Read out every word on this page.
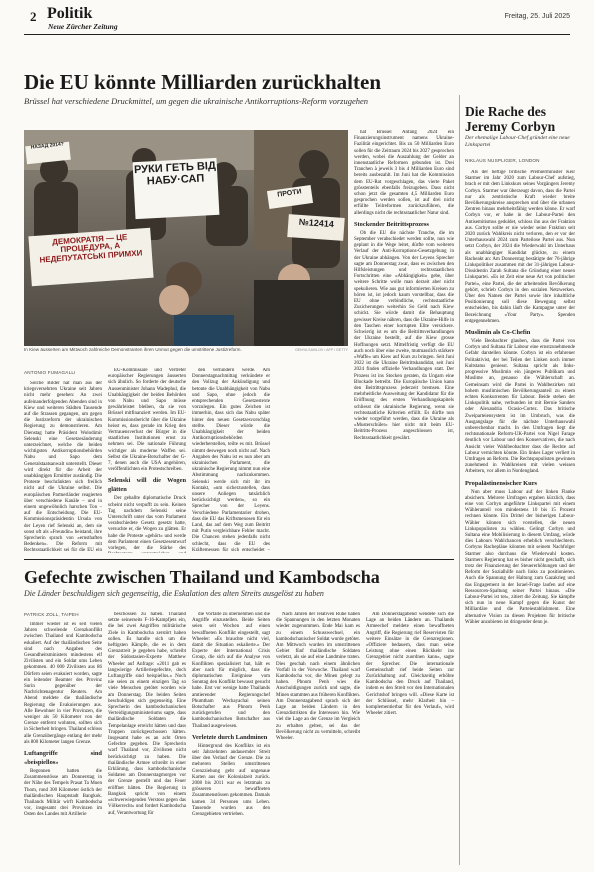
2 Politik
Neue Zürcher Zeitung
Freitag, 25. Juli 2025
Die EU könnte Milliarden zurückhalten
Brüssel hat verschiedene Druckmittel, um gegen die ukrainische Antikorruptions-Reform vorzugehen
НАЗАД 2014?
РУКИ ГЕТЬ ВІД НАБУ·САП
ДЕМОКРАТІЯ — ЦЕ ПРОЦЕДУРА, А НЕДЕПУТАТСЬКІ ПРИМХИ
ПРОТИ
№12414
In Kiew äusserten am Mittwoch zahlreiche Demonstranten ihren Unmut gegen die umstrittene Justizreform.	GENYA SAVILOV / AFP / GETTY
ANTONIO FUMAGALLI

Solche Bilder hat man aus der kriegsversehrten Ukraine seit Jahren nicht mehr gesehen: An zwei aufeinanderfolgenden Abenden sind in Kiew und weiteren Städten Tausende auf die Strassen gegangen, um gegen die Justizreform der ukrainischen Regierung zu demonstrieren. Am Dienstag hatte Präsident Wolodimir Selenski eine Gesetzesänderung unterzeichnet, welche die beiden wichtigsten Antikorruptionsbehörden Nabu und Sapo dem Generalstaatsanwalt unterstellt. Dieser wird direkt für die Arbeit der unabhängigen Ermittler zuständig. Die Proteste beschränkten sich freilich nicht auf die Ukraine selbst. Die europäischen Partnerländer reagierten über verschiedene Kanäle – und in einem ungewöhnlich harschen Ton – auf die Entscheidung. Die EU-Kommissionspräsidentin Ursula von der Leyen rief Selenski an, dem sie sonst oft als «Freundin» beistand, ihre Sprecherin sprach von «ernsthaften Bedenken». Die Reform mit Rechtsstaatlichkeit sei für die EU ein

EU-Kommissare und Vertreter europäischer Regierungen äusserten sich ähnlich. So forderte der deutsche Aussenminister Johann Wadephul, die Unabhängigkeit der beiden Behörden von Nabu und Sapo müsse gewährleistet bleiben, da sie von Brüssel mitfinanziert werden. Im EU-Kommissionsbericht über die Ukraine heisst es, dass gerade im Krieg den Vertrauensverlust der Bürger in die staatlichen Institutionen ernst zu nehmen sei. Die nationale Führung wichtiger als moderne Waffen sei. Selbst die Ukraine-Botschafter der G-7, denen auch die USA angehören, veröffentlichten ein Protestschreiben.

Selenski will die Wogen glätten

Der geballte diplomatische Druck scheint nicht verpufft zu sein. Keinen Tag nachdem Selenski seine Unterschrift unter das vom Parlament verabschiedete Gesetz gesetzt hatte, versuchte er, die Wogen zu glätten. Er habe die Proteste «gehört» und werde dem Parlament einen Gesetzesentwurf vorlegen, der die Stärke des

den verhindern werde. Am Donnerstagnachmittag verkündete er den Vollzug der Ankündigung und betonte die Unabhängigkeit von Nabu und Sapo, ohne jedoch die entsprechenden Gesetzestexte vorzulegen. Ein gutes Zeichen ist immerhin, dass sich das Nabu später hinter den neuen Gesetzesvorschlag stellte. Dieser würde die Unabhängigkeit der beiden Antikorruptionsbehörden wiederherstellen, teilte es mit. Brüssel nimmt deswegen noch nicht auf. Nach Angaben des Nabu ist es nun aber am ukrainischen Parlament, die ukrainische Regierung nimmt nun eine Abstimmung nachzukommen. Selenski werde sich mit ihr im Kontakt, «um sicherzustellen, dass unsere Anliegen tatsächlich berücksichtigt werden», so ein Sprecher von der Leyens. Verschiedene Parlamentarier drohen, dass die EU das Kriftsmenosen für ein Land, das auf dem Weg zum Beitritt mit Putin vergleichbare Fehler macht. Die Chancen stehen jedenfalls nicht schlecht, dass die EU des Kräftemessen für sich entscheidet –

hat Brüssel Anfang 2024 ein Finanzierungsinstrument namens Ukraine-Fazilität eingerichtet. Bis zu 50 Milliarden Euro sollen für die Zeitraum 2024 bis 2027 gesprochen werden, wobei die Auszahlung der Gelder an innenstaatliche Reformen gebunden ist. Drei Tranchen à jeweils 3 bis 4 Milliarden Euro sind bereits ausbezahlt. Im Juni hat die Kommission dem EU-Rat vorgeschlagen, das vierte Paket grösstenteils ebenfalls freizugeben. Dass nicht schon jetzt die gesamten 4,5 Milliarden Euro gesprochen werden sollen, ist auf drei nicht erfüllte Teilreformen zurückzuführen, die allerdings nicht die rechtsstaatlicher Natur sind.

Stockender Beitrittsprozess

Ob die EU die nächste Tranche, die im September verabschiedet werden sollte, nun wie geplant in die Wege leitet, dürfte vom weiteren Verlauf der Anti-Korruptions-Gesetzgebung in der Ukraine abhängen. Von der Leyens Sprecher sagte am Donnerstag zwar, dass es zwischen den Hilfsleistungen und rechtsstaatlichen Fortschritten eine «Abhängigkeit» gebe, über weitere Schritte wolle man derzeit aber nicht spekulieren. Wie aus gut informierten Kreisen zu hören ist, ist jedoch kaum vorstellbar, dass die EU ohne verbindliche, rechtsstaatliche Zusicherungen weiterhin So Geld nach Kiew schickt. Sie würde damit die Behauptung gewisser Kreise nähren, dass die Ukraine-Hilfe in den Taschen einer korrupten Elite versickere. Schwierig ist es um die Beitrittsverhandlungen der Ukraine bestellt, auf die Kiew grosse Hoffnungen setzt. Mittelfristig verfügt die EU auch noch über eine zweite, mutmasslich stärkere «Waffe» um Kiew auf Kurs zu bringen. Seit Juni 2022 ist die Ukraine Beitrittskandidat, seit Juni 2024 finden offizielle Verhandlungen statt. Der Prozess ist ins Stocken geraten, da Ungarn eine Blockade betreibt. Die Europäische Union kann den Beitrittsprozess jederzeit bremsen. Eine mehrheitliche Ausweitung der Kandidatur für die Eröffnung des ersten Verhandlungskapitels schliesst die ukrainische Regierung, wenn sie rechtsstaatliche Kriterien erfüllt. Es dürfte nun wieder vorgeführt werden, dass die Ukraine als «Musterschüler» hier nicht mit beim EU-Beitritts-Prozess angeschlossen ist, Rechtsstaatlichkeit gewährt.

Die Rache des Jeremy Corbyn
Der ehemalige Labour-Chef gründet eine neue Linkspartei
NIKLAUS NUSPLIGER, LONDON

Als der heftige britische Premierminister Keir Starmer im Jahr 2020 zum Labour-Chef aufstieg, brach er mit dem Linkskurs seines Vorgängers Jeremy Corbyn. Starmer war überzeugt davon, dass die Partei nur als zentristische Kraft wieder breite Bevölkerungskreise ansprechen und über die urbanen Zentren hinaus mehrheitsfähig werden könne. Er warf Corbyn vor, er habe in der Labour-Partei den Antisemitismus geduldet, schloss ihn aus der Fraktion aus. Corbyn sollte er nie wieder seine Fraktion seit 2020 zurück Wahlkreis nicht verloren, den er vor der Unterhauswahl 2024 zum Parteilose Partei aus. Nun setzt Corbyn, der 2024 die Wiederwahl im Unterhaus als unabhängiger Kandidat glückte, zu einem Racheakt an: Am Donnerstag bestätigte der 76-jährige Linkspolitiker zusammen mit der 31-jährigen Labour-Dissidentin Zarah Sultana die Gründung einer neuen Linkspartei. «Es ist Zeit eine neue Art von politischer Partei», eine Partei, die der arbeitenden Bevölkerung gehört, schrieb Corbyn in den sozialen Netzwerken. Über den Namen der Partei sowie ihre inhaltliche Positionierung soll diese Bewegung selbst entscheiden, bis dahin läuft die Kampagne unter der Bezeichnung «Your Party». Spenden entgegennehmen.

Muslimin als Co-Chefin

Viele Beobachter glauben, dass die Partei von Corbyn und Sultana für Labour eine ernstzunehmende Gefahr darstellen könnte. Corbyn ist ein erfahrener Politaktivist, der bei Teilen der Linken noch immer Kultstatus geniesst. Sultana spricht als links-progressive Muslimin ein jüngeres Publikum und Muslime an, genauso die Wählerschaft an. Gemeinsam wird die Partei in Wahlbezirken mit hohem muslimischen Bevölkerungsanteil zu einem echten Konkurrenten für Labour. Beide stehen der Linkspolitik nahe, verbunden ist mit Bernie Sanders oder Alexandria Ocasio-Cortez. Das britische Zweiparteiensystem ist im Umbruch, was die Ausgangslage für die nächste Unterhauswahl unberechenbar macht. In den Umfragen liegt die rechtsnationale Reform-UK-Partei von Nigel Farage deutlich vor Labour und den Konservativen, die nach Ansicht vieler Wahlbeobachter dass die Rechte auf Labour vernichten könnte. Ein linkes Lager verliert in Umfragen an Reform. Die Rechtspopulisten gewinnen zunehmend in Wahlkreisen mit vielen weissen Arbeitern, vor allem in Nordengland.

Propalästinensischer Kurs

Nun aber muss Labour auf der linken Flanke absichern. Mehrere Umfragen ergaben kürzlich, dass eine von Corbyn angeführte Linkspartei mit einem Wähleranteil von mindestens 10 bis 15 Prozent rechnen könnte. Ein Drittel der bisherigen Labour-Wähler können sich vorstellen, die neuen Linkspopulisten zu wählen. Gelingt Corbyn und Sultana eine Mobilisierung in diesem Umfang, würde dies Labours Wahlchancen erheblich verschlechtern. Corbyns Rachepläne könnten mit seinem Nachfolger Starmer also durchaus die Wiederwahl kosten. Starmers Regierung hat es bisher nicht geschafft, sich trotz der Finanzierung der Steuererhöhungen und der Reform der Sozialhilfe nach links zu positionieren. Auch die Spannung der Haltung zum Gazakrieg und das Engagement in der Israel-Frage laufen auf eine Ressourcen-Spaltung seiner Partei hinaus. «Die Labour-Partei ist tot», zitiert die Zeitung. Sie kämpfte sich nun in neue Kampf gegen die Kunst der Milliardäre und die Parteiestablishment. Eine alternative Vision zu diesen Projekten für britische Wähler anzubieten ist dringender denn je.

Gefechte zwischen Thailand und Kambodscha
Die Länder beschuldigen sich gegenseitig, die Eskalation des alten Streits ausgelöst zu haben
PATRICK ZOLL, TAIPEH

Immer wieder ist es seit vielen Jahren schwelende Grenzkonflikt zwischen Thailand und Kambodscha eskaliert. Auf der thailändischen Seite sind nach Angaben des Gesundheitsministers mindestens elf Zivilisten und ein Soldat ums Leben gekommen. 40 000 Zivilisten aus 86 Dörfern seien evakuiert worden, sagte ein leitender Beamter des Provinz Surin gegenüber der Nachrichtenagentur Reuters. Am Abend meldete die thailändische Regierung die Evakuierungen aus. Alle Bewohner in vier Provinzen, die weniger als 50 Kilometer von der Grenze entfernt wohnten, sollten sich in Sicherheit bringen. Thailand schloss alle Grenzübergänge entlang der mehr als 800 Kilometer langen Grenze.

Luftangriffe sind «beispiellos»

Begonnen hatten die Zusammenstösse am Donnerstag in der Nähe des Tempels Prasat Ta Muen Thom, rund 300 Kilometer östlich der thailändischen Hauptstadt Bangkok. Thailands Militär wirft Kambodscha vor, insgesamt drei Provinzen im Osten des Landes mit Artillerie

beschossen zu haben. Thailand setzte seinerseits F-16-Kampfjets ein, die bei zwei Angriffen militärische Ziele in Kambodscha zerstört haben sollen. Es handle sich um die heftigsten Kämpfe, die es in dem Grenzstreit je gegeben habe, schreibt der Südostasien-Experte Matthew Wheeler auf Anfrage: «2011 gab es langwierige Artilleriegefechte, doch Luftangriffe sind beispiellos.» Noch nie seien zu einem einzigen Tag so viele Menschen getötet worden wie am Donnerstag. Die beiden Seiten beschuldigen sich gegenseitig. Eine Sprecherin des kambodschanischen Verteidigungsministeriums sagte, dass thailändische Soldaten die Tempelanlage erreicht hätten und dass Truppen zurückgeschossen hätten. Insgesamt habe es an acht Orten Gefechte gegeben. Die Sprecherin warf Thailand vor, Zivilisten nicht berücksichtigt zu haben. Die thailändische Armee schreibt in einer Erklärung, dass kambodschanische Soldaten am Donnerstagmorgen vor der Grenze gestellt und das Feuer eröffnet hätten. Die Regierung in Bangkok spricht von einem «schwerwiegenden Verstoss gegen das Völkerrecht» und fordert Kambodscha auf, Verantwortung für

die Vorfälle zu übernehmen und die Angriffe einzustellen. Beide Seiten seien seit Wochen auf einen bewaffneten Konflikt eingestellt, sagt Wheeler: «Es brauchte nicht viel, damit die Situation eskalierte.» Der Experte der International Crisis Group, die sich auf die Analyse von Konflikten spezialisiert hat, hält es aber nach für möglich, dass die diplomatischen Ereignisse vom Sonntag den Konflikt bewusst gesucht habe. Erst vor wenige hatte Thailands amtierender Regierungschef Phumtham Wechayachai seinen Botschafter aus Phnom Penh zurückgerufen und den kambodschanischen Botschafter aus Thailand ausgewiesen.

Verletzte durch Landminen

Hintergrund des Konflikts ist ein seit Jahrzehnten andauernder Streit über den Verlauf der Grenze. Die zu mehreren Stellen umstrittenen Grenzziehung geht auf ungenaue Karten aus der Kolonialzeit zurück. 2008 bis 2011 war es letztmals zu grösseren bewaffneten Zusammenstössen gekommen. Damals kamen 34 Personen ums Leben. Tausende wurden aus den Grenzgebieten vertrieben.

Nach Jahren der relativen Ruhe haben die Spannungen in den letzten Monaten wieder zugenommen. Ende Mai kam es zu einem Schusswechsel, ein kambodschanischer Soldat wurde getötet. Am Mittwoch wurden im umstrittenen Gebiet fünf thailändische Soldaten verletzt, als sie auf eine Landmine traten. Dies geschah nach einem ähnlichen Vorfall in der Vorwoche. Thailand warf Kambodscha vor, die Minen gelegt zu haben. Phnom Penh wies die Anschuldigungen zurück und sagte, die Minen stammten aus früheren Konflikten. Am Donnerstagabend sprach sich der Lage an beiden Ländern in den Grenzdistrikten die Interessen hin. Wie viel die Lage an der Grenze im Vergleich zu erhalten gelten, sei das der Bevölkerung nicht zu vermitteln, schreibt Wheeler.

Am Donnerstagabend wendete sich die Lage an beiden Ländern an. Thailands Armeechef meldete einen bewaffneten Angriff, die Regierung rief Reservisten für weitere Einsätze in die Grenzregionen. «Offiziere bedauern, dass man seine Leistung ohne einen Rückkehr ins Grenzgebiet nicht zuordnen kann», sagte der Sprecher. Die internationale Gemeinschaft rief beide Seiten zur Zurückhaltung auf. Gleichzeitig erhöhte Kambodscha den Druck auf Thailand, indem es den Streit vor den Internationalen Gerichtshof bringen will. «Diese Karte ist der Schlüssel, mehr Klarheit hin – komplementierbar für den Verlauf», wird Wheeler zitiert.
